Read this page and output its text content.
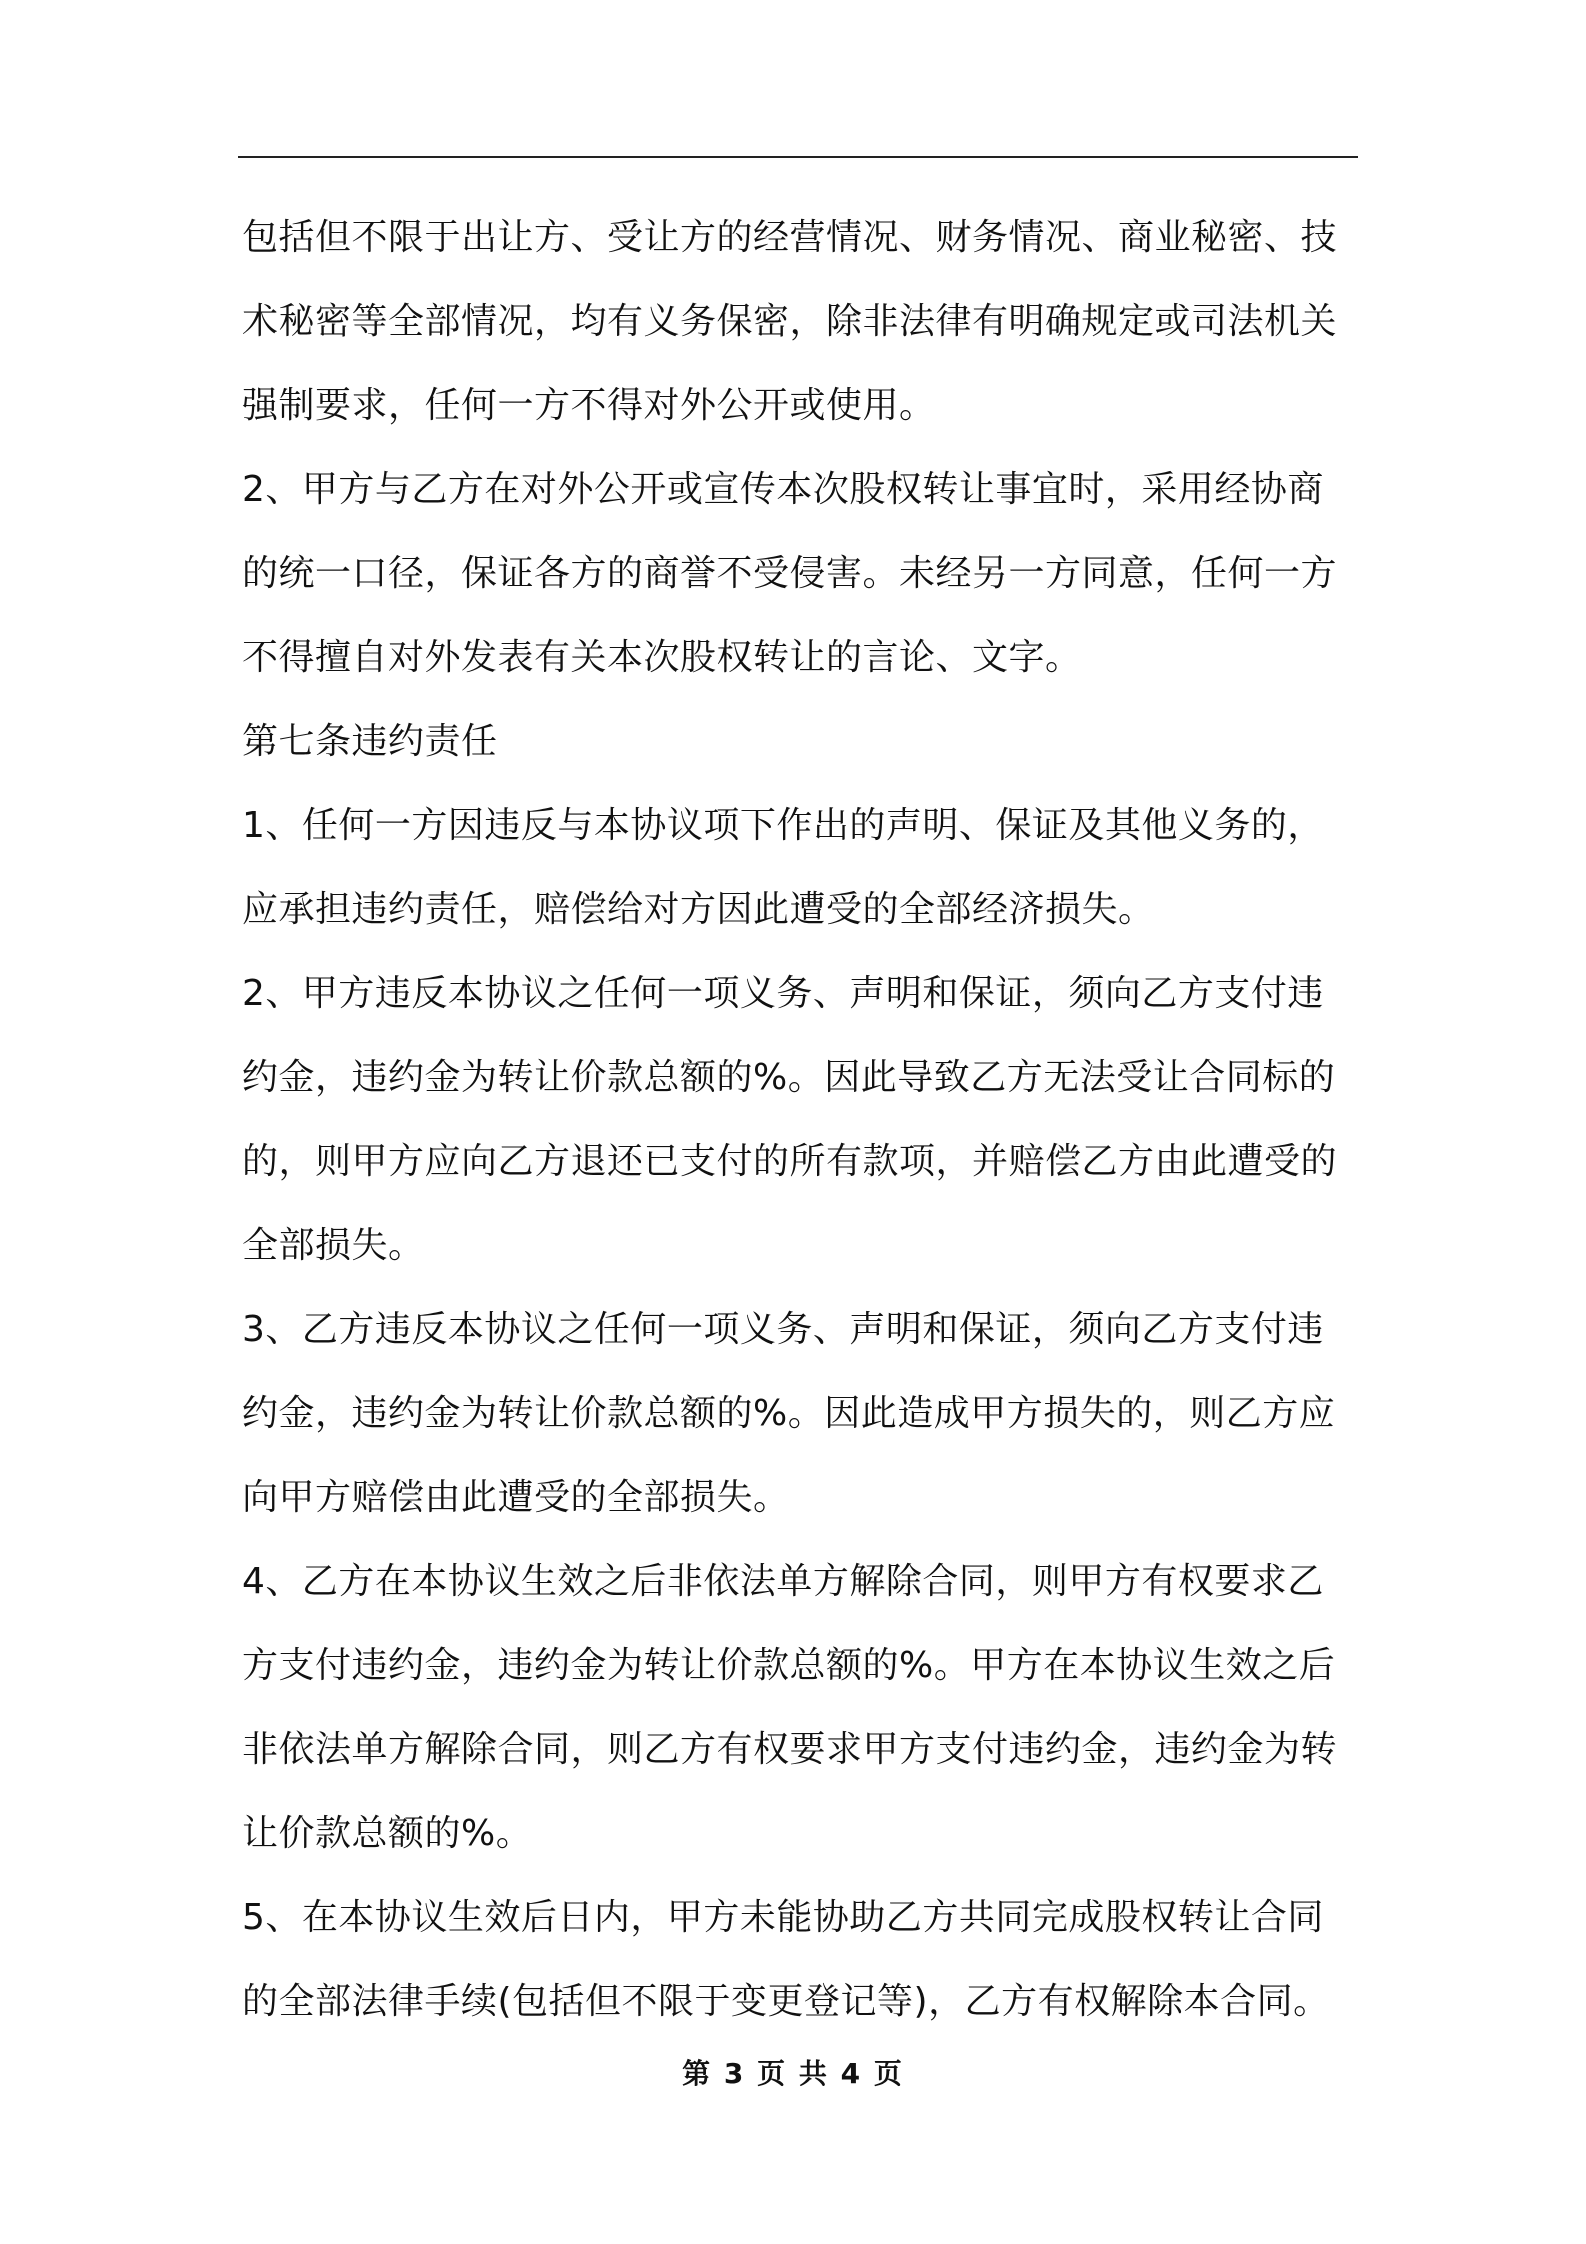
包括但不限于出让方、受让方的经营情况、财务情况、商业秘密、技
术秘密等全部情况，均有义务保密，除非法律有明确规定或司法机关
强制要求，任何一方不得对外公开或使用。
2、甲方与乙方在对外公开或宣传本次股权转让事宜时，采用经协商
的统一口径，保证各方的商誉不受侵害。未经另一方同意，任何一方
不得擅自对外发表有关本次股权转让的言论、文字。
第七条违约责任
1、任何一方因违反与本协议项下作出的声明、保证及其他义务的，
应承担违约责任，赔偿给对方因此遭受的全部经济损失。
2、甲方违反本协议之任何一项义务、声明和保证，须向乙方支付违
约金，违约金为转让价款总额的%。因此导致乙方无法受让合同标的
的，则甲方应向乙方退还已支付的所有款项，并赔偿乙方由此遭受的
全部损失。
3、乙方违反本协议之任何一项义务、声明和保证，须向乙方支付违
约金，违约金为转让价款总额的%。因此造成甲方损失的，则乙方应
向甲方赔偿由此遭受的全部损失。
4、乙方在本协议生效之后非依法单方解除合同，则甲方有权要求乙
方支付违约金，违约金为转让价款总额的%。甲方在本协议生效之后
非依法单方解除合同，则乙方有权要求甲方支付违约金，违约金为转
让价款总额的%。
5、在本协议生效后日内，甲方未能协助乙方共同完成股权转让合同
的全部法律手续(包括但不限于变更登记等)，乙方有权解除本合同。
第 3 页 共 4 页
